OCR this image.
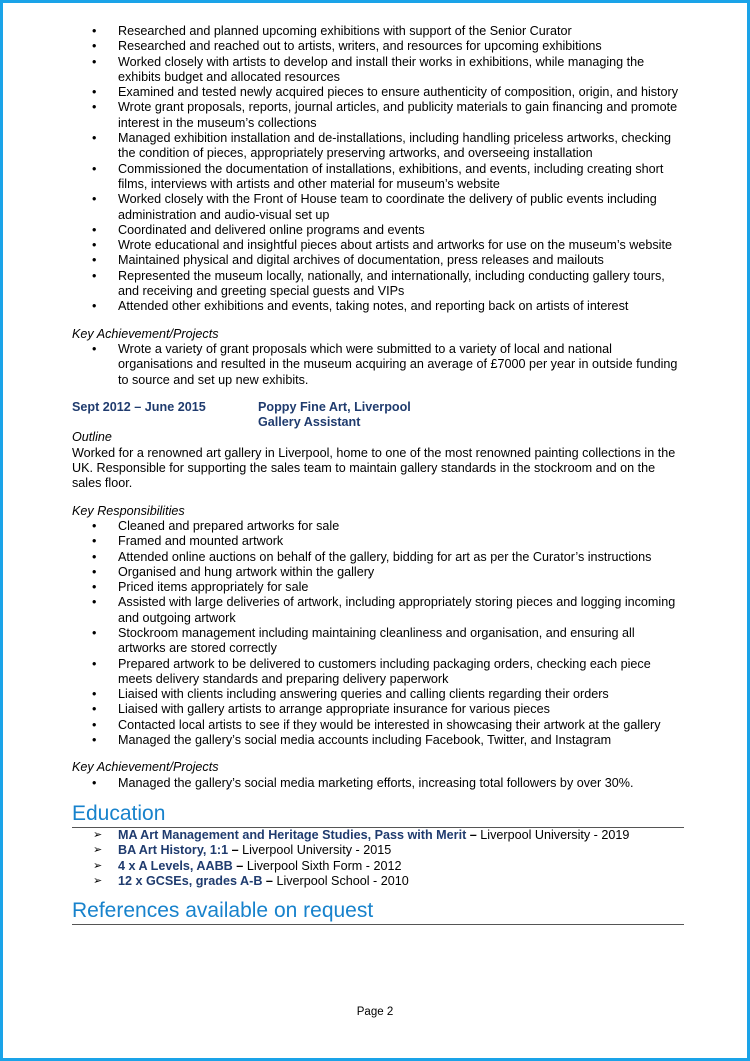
• Researched and planned upcoming exhibitions with support of the Senior Curator
• Researched and reached out to artists, writers, and resources for upcoming exhibitions
• Worked closely with artists to develop and install their works in exhibitions, while managing the exhibits budget and allocated resources
• Examined and tested newly acquired pieces to ensure authenticity of composition, origin, and history
• Wrote grant proposals, reports, journal articles, and publicity materials to gain financing and promote interest in the museum’s collections
• Managed exhibition installation and de-installations, including handling priceless artworks, checking the condition of pieces, appropriately preserving artworks, and overseeing installation
• Commissioned the documentation of installations, exhibitions, and events, including creating short films, interviews with artists and other material for museum’s website
• Worked closely with the Front of House team to coordinate the delivery of public events including administration and audio-visual set up
• Coordinated and delivered online programs and events
• Wrote educational and insightful pieces about artists and artworks for use on the museum’s website
• Maintained physical and digital archives of documentation, press releases and mailouts
• Represented the museum locally, nationally, and internationally, including conducting gallery tours, and receiving and greeting special guests and VIPs
• Attended other exhibitions and events, taking notes, and reporting back on artists of interest
Key Achievement/Projects
• Wrote a variety of grant proposals which were submitted to a variety of local and national organisations and resulted in the museum acquiring an average of £7000 per year in outside funding to source and set up new exhibits.
Sept 2012 – June 2015	Poppy Fine Art, Liverpool
Gallery Assistant
Outline

Worked for a renowned art gallery in Liverpool, home to one of the most renowned painting collections in the UK. Responsible for supporting the sales team to maintain gallery standards in the stockroom and on the sales floor.

Key Responsibilities
• Cleaned and prepared artworks for sale
• Framed and mounted artwork
• Attended online auctions on behalf of the gallery, bidding for art as per the Curator’s instructions
• Organised and hung artwork within the gallery
• Priced items appropriately for sale
• Assisted with large deliveries of artwork, including appropriately storing pieces and logging incoming and outgoing artwork
• Stockroom management including maintaining cleanliness and organisation, and ensuring all artworks are stored correctly
• Prepared artwork to be delivered to customers including packaging orders, checking each piece meets delivery standards and preparing delivery paperwork
• Liaised with clients including answering queries and calling clients regarding their orders
• Liaised with gallery artists to arrange appropriate insurance for various pieces
• Contacted local artists to see if they would be interested in showcasing their artwork at the gallery
• Managed the gallery’s social media accounts including Facebook, Twitter, and Instagram
Key Achievement/Projects
• Managed the gallery’s social media marketing efforts, increasing total followers by over 30%.
Education
➢ MA Art Management and Heritage Studies, Pass with Merit – Liverpool University - 2019
➢ BA Art History, 1:1 – Liverpool University - 2015
➢ 4 x A Levels, AABB – Liverpool Sixth Form - 2012
➢ 12 x GCSEs, grades A-B – Liverpool School - 2010
References available on request
Page 2
